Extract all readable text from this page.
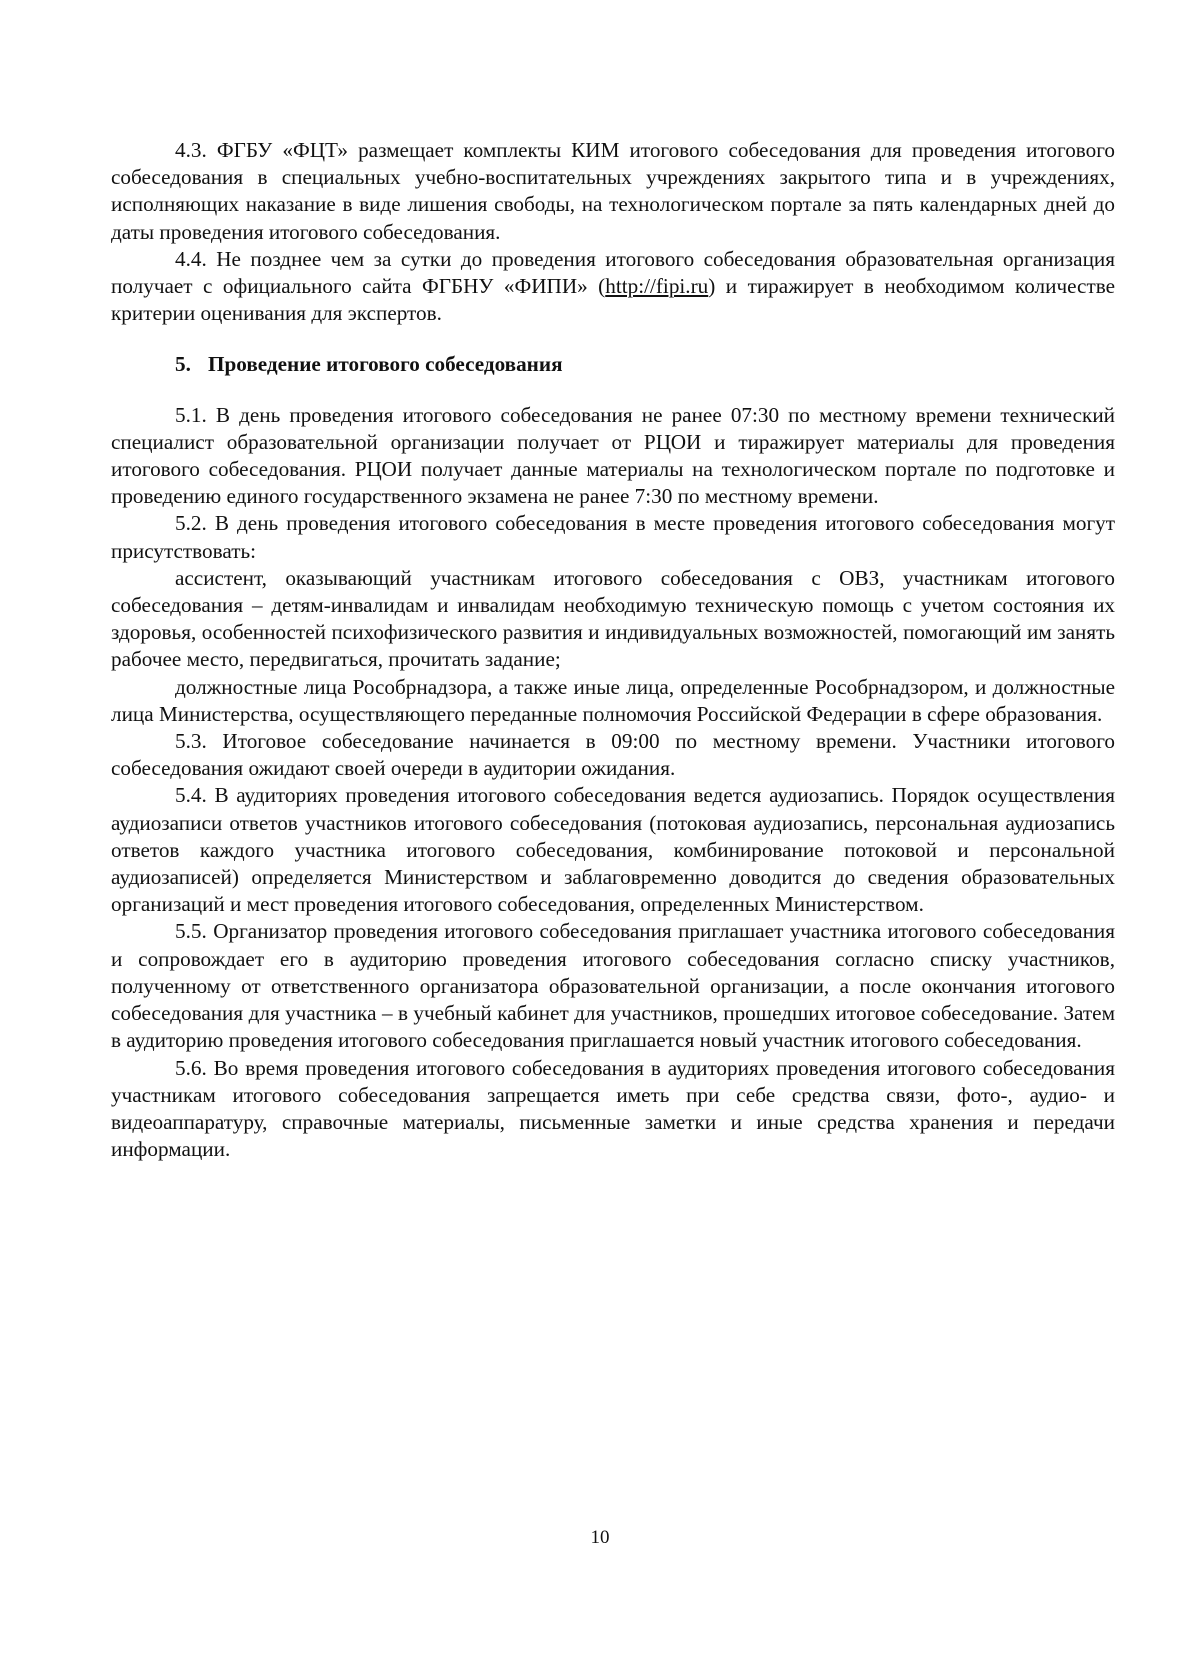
4.3. ФГБУ «ФЦТ» размещает комплекты КИМ итогового собеседования для проведения итогового собеседования в специальных учебно-воспитательных учреждениях закрытого типа и в учреждениях, исполняющих наказание в виде лишения свободы, на технологическом портале за пять календарных дней до даты проведения итогового собеседования.

4.4. Не позднее чем за сутки до проведения итогового собеседования образовательная организация получает с официального сайта ФГБНУ «ФИПИ» (http://fipi.ru) и тиражирует в необходимом количестве критерии оценивания для экспертов.

5. Проведение итогового собеседования

5.1. В день проведения итогового собеседования не ранее 07:30 по местному времени технический специалист образовательной организации получает от РЦОИ и тиражирует материалы для проведения итогового собеседования. РЦОИ получает данные материалы на технологическом портале по подготовке и проведению единого государственного экзамена не ранее 7:30 по местному времени.

5.2. В день проведения итогового собеседования в месте проведения итогового собеседования могут присутствовать:

ассистент, оказывающий участникам итогового собеседования с ОВЗ, участникам итогового собеседования – детям-инвалидам и инвалидам необходимую техническую помощь с учетом состояния их здоровья, особенностей психофизического развития и индивидуальных возможностей, помогающий им занять рабочее место, передвигаться, прочитать задание;

должностные лица Рособрнадзора, а также иные лица, определенные Рособрнадзором, и должностные лица Министерства, осуществляющего переданные полномочия Российской Федерации в сфере образования.

5.3. Итоговое собеседование начинается в 09:00 по местному времени. Участники итогового собеседования ожидают своей очереди в аудитории ожидания.

5.4. В аудиториях проведения итогового собеседования ведется аудиозапись. Порядок осуществления аудиозаписи ответов участников итогового собеседования (потоковая аудиозапись, персональная аудиозапись ответов каждого участника итогового собеседования, комбинирование потоковой и персональной аудиозаписей) определяется Министерством и заблаговременно доводится до сведения образовательных организаций и мест проведения итогового собеседования, определенных Министерством.

5.5. Организатор проведения итогового собеседования приглашает участника итогового собеседования и сопровождает его в аудиторию проведения итогового собеседования согласно списку участников, полученному от ответственного организатора образовательной организации, а после окончания итогового собеседования для участника – в учебный кабинет для участников, прошедших итоговое собеседование. Затем в аудиторию проведения итогового собеседования приглашается новый участник итогового собеседования.

5.6. Во время проведения итогового собеседования в аудиториях проведения итогового собеседования участникам итогового собеседования запрещается иметь при себе средства связи, фото-, аудио- и видеоаппаратуру, справочные материалы, письменные заметки и иные средства хранения и передачи информации.

10
